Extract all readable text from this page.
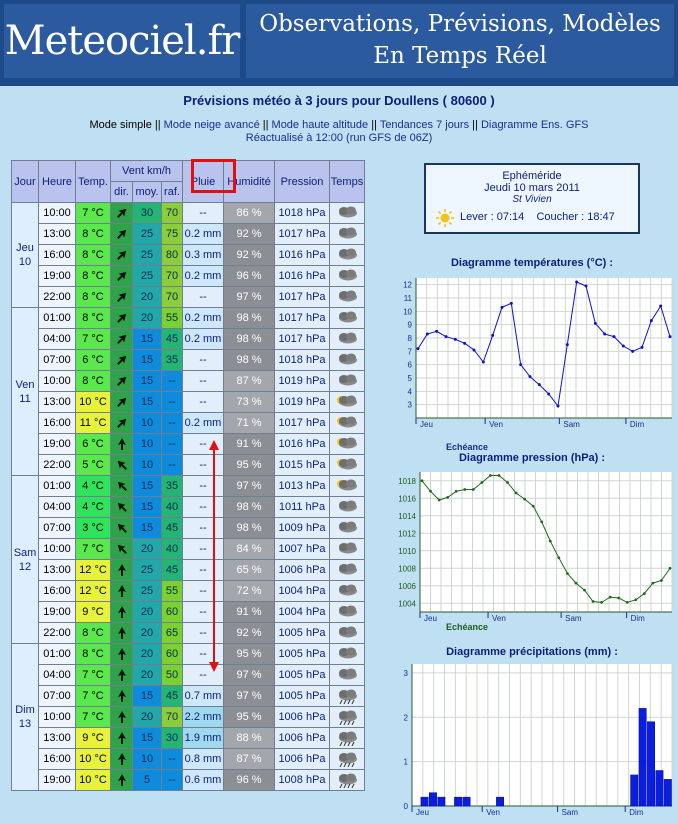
Meteociel.fr Observations, Prévisions, Modèles
En Temps Réel
Prévisions météo à 3 jours pour Doullens ( 80600 )
Mode simple || Mode neige avancé || Mode haute altitude || Tendances 7 jours || Diagramme Ens. GFS
Réactualisé à 12:00 (run GFS de 06Z)
Jour	Heure	Temp.	Vent km/h			Pluie	Humidité	Pression	Temps
			dir.	moy.	raf.				
Jeu
10	10:00	7 °C		30	70	--	86 %	1018 hPa	

	13:00	8 °C		25	75	0.2 mm	92 %	1017 hPa	

	16:00	8 °C		25	80	0.3 mm	92 %	1016 hPa	

	19:00	8 °C		25	70	0.2 mm	96 %	1016 hPa	

	22:00	8 °C		20	70	--	97 %	1017 hPa	

Ven
11	01:00	8 °C		20	55	0.2 mm	98 %	1017 hPa	

	04:00	7 °C		15	45	0.2 mm	98 %	1017 hPa	

	07:00	6 °C		15	35	--	98 %	1018 hPa	

	10:00	8 °C		15	--	--	87 %	1019 hPa	

	13:00	10 °C		15	--	--	73 %	1019 hPa	

	16:00	11 °C		10	--	0.2 mm	71 %	1017 hPa	

	19:00	6 °C		10	--	--	91 %	1016 hPa	

	22:00	5 °C		10	--	--	95 %	1015 hPa	

Sam
12	01:00	4 °C		15	35	--	97 %	1013 hPa	

	04:00	4 °C		15	40	--	98 %	1011 hPa	

	07:00	3 °C		15	45	--	98 %	1009 hPa	

	10:00	7 °C		20	40	--	84 %	1007 hPa	

	13:00	12 °C		25	45	--	65 %	1006 hPa	

	16:00	12 °C		25	55	--	72 %	1004 hPa	

	19:00	9 °C		20	60	--	91 %	1004 hPa	

	22:00	8 °C		20	65	--	92 %	1005 hPa	

Dim
13	01:00	8 °C		20	60	--	95 %	1005 hPa	

	04:00	7 °C		20	50	--	97 %	1005 hPa	

	07:00	7 °C		15	45	0.7 mm	97 %	1005 hPa	

	10:00	7 °C		20	70	2.2 mm	95 %	1006 hPa	

	13:00	9 °C		15	30	1.9 mm	88 %	1006 hPa	

	16:00	10 °C		10	--	0.8 mm	87 %	1006 hPa	

	19:00	10 °C		5	--	0.6 mm	96 %	1008 hPa	
Ephéméride
Jeudi 10 mars 2011
St Vivien
Lever : 07:14 Coucher : 18:47
Diagramme températures (°C) :
3
4
5
6
7
8
9
10
11
12
Jeu	Ven	Sam	Dim
Echéance
Diagramme pression (hPa) :
1004
1006
1008
1010
1012
1014
1016
1018
Jeu	Ven	Sam	Dim
Echéance
Diagramme précipitations (mm) :
0
1
2
3
Jeu	Ven	Sam	Dim
